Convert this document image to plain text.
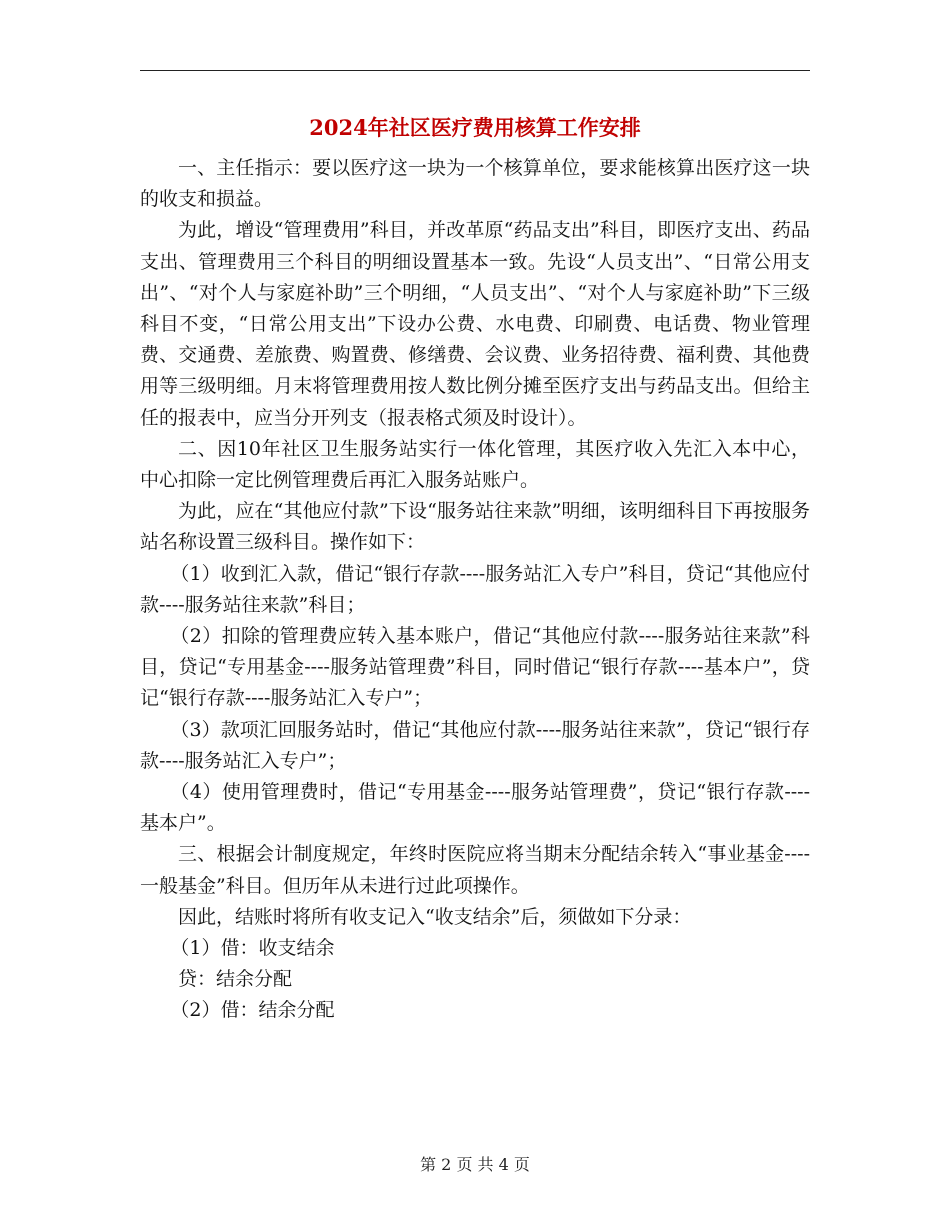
2024年社区医疗费用核算工作安排

一、主任指示：要以医疗这一块为一个核算单位，要求能核算出医疗这一块的收支和损益。

为此，增设“管理费用”科目，并改革原“药品支出”科目，即医疗支出、药品支出、管理费用三个科目的明细设置基本一致。先设“人员支出”、“日常公用支出”、“对个人与家庭补助”三个明细，“人员支出”、“对个人与家庭补助”下三级科目不变，“日常公用支出”下设办公费、水电费、印刷费、电话费、物业管理费、交通费、差旅费、购置费、修缮费、会议费、业务招待费、福利费、其他费用等三级明细。月末将管理费用按人数比例分摊至医疗支出与药品支出。但给主任的报表中，应当分开列支（报表格式须及时设计）。

二、因10年社区卫生服务站实行一体化管理，其医疗收入先汇入本中心，中心扣除一定比例管理费后再汇入服务站账户。

为此，应在“其他应付款”下设“服务站往来款”明细，该明细科目下再按服务站名称设置三级科目。操作如下：

（1）收到汇入款，借记“银行存款----服务站汇入专户”科目，贷记“其他应付款----服务站往来款”科目；

（2）扣除的管理费应转入基本账户，借记“其他应付款----服务站往来款”科目，贷记“专用基金----服务站管理费”科目，同时借记“银行存款----基本户”，贷记“银行存款----服务站汇入专户”；

（3）款项汇回服务站时，借记“其他应付款----服务站往来款”，贷记“银行存款----服务站汇入专户”；

（4）使用管理费时，借记“专用基金----服务站管理费”，贷记“银行存款----基本户”。

三、根据会计制度规定，年终时医院应将当期末分配结余转入“事业基金----一般基金”科目。但历年从未进行过此项操作。

因此，结账时将所有收支记入“收支结余”后，须做如下分录：

（1）借：收支结余

贷：结余分配

（2）借：结余分配

第 2 页 共 4 页
